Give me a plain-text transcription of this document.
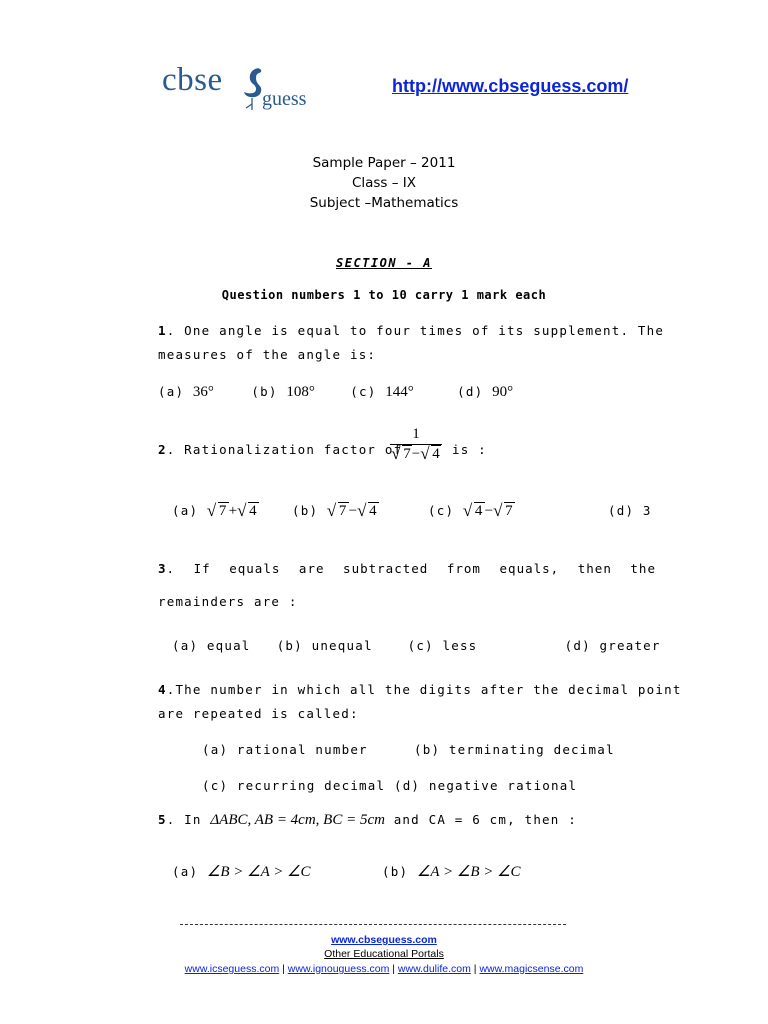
cbse
guess
http://www.cbseguess.com/
Sample Paper – 2011
Class – IX
Subject –Mathematics
SECTION - A
Question numbers 1 to 10 carry 1 mark each
1. One angle is equal to four times of its supplement. The
measures of the angle is:
(a) 36°	(b) 108°	(c) 144°	(d) 90°
2. Rationalization factor of
1
√ 7− √ 4 is :
(a) √ 7+ √ 4	(b) √ 7− √ 4	(c) √ 4− √ 7	(d) 3
3. If equals are subtracted from equals, then the
remainders are :
(a) equal   (b) unequal    (c) less          (d) greater
4.The number in which all the digits after the decimal point
are repeated is called:
(a) rational number	(b) terminating decimal
(c) recurring decimal (d) negative rational
5. In ΔABC, AB = 4cm, BC = 5cm and CA = 6 cm, then :
(a) ∠B > ∠A > ∠C	(b) ∠A > ∠B > ∠C
www.cbseguess.com
Other Educational Portals
www.icseguess.com | www.ignouguess.com | www.dulife.com | www.magicsense.com
